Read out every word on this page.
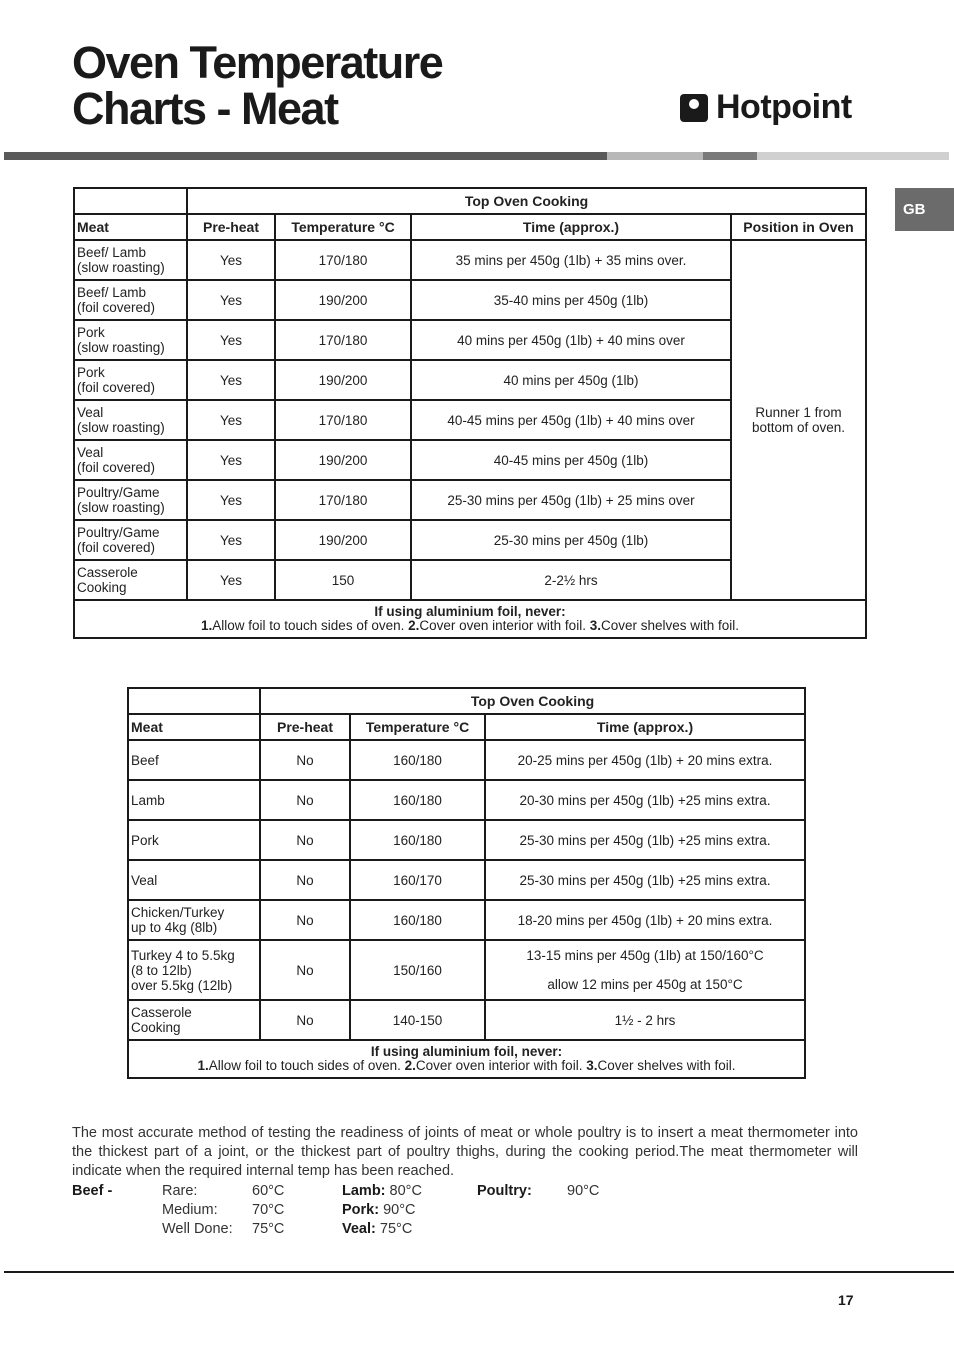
Oven Temperature
Charts - Meat	Hotpoint
GB
	Top Oven Cooking			
Meat	Pre-heat	Temperature °C	Time (approx.)	Position in Oven
Beef/ Lamb
(slow roasting)	Yes	170/180	35 mins per 450g (1lb) + 35 mins over.	Runner 1 from
bottom of oven.
Beef/ Lamb
(foil covered)	Yes	190/200	35-40 mins per 450g (1lb)	
Pork
(slow roasting)	Yes	170/180	40 mins per 450g (1lb) + 40 mins over	
Pork
(foil covered)	Yes	190/200	40 mins per 450g (1lb)	
Veal
(slow roasting)	Yes	170/180	40-45 mins per 450g (1lb) + 40 mins over	
Veal
(foil covered)	Yes	190/200	40-45 mins per 450g (1lb)	
Poultry/Game
(slow roasting)	Yes	170/180	25-30 mins per 450g (1lb) + 25 mins over	
Poultry/Game
(foil covered)	Yes	190/200	25-30 mins per 450g (1lb)	
Casserole
Cooking	Yes	150	2-2½ hrs	

If using aluminium foil, never:
1.Allow foil to touch sides of oven. 2.Cover oven interior with foil. 3.Cover shelves with foil.				
	Top Oven Cooking		
Meat	Pre-heat	Temperature °C	Time (approx.)
Beef	No	160/180	20-25 mins per 450g (1lb) + 20 mins extra.
Lamb	No	160/180	20-30 mins per 450g (1lb) +25 mins extra.
Pork	No	160/180	25-30 mins per 450g (1lb) +25 mins extra.
Veal	No	160/170	25-30 mins per 450g (1lb) +25 mins extra.
Chicken/Turkey
up to 4kg (8lb)	No	160/180	18-20 mins per 450g (1lb) + 20 mins extra.
Turkey 4 to 5.5kg
(8 to 12lb)
over 5.5kg (12lb)	No	150/160	13-15 mins per 450g (1lb) at 150/160°C
allow 12 mins per 450g at 150°C
Casserole
Cooking	No	140-150	1½ - 2 hrs

If using aluminium foil, never:
1.Allow foil to touch sides of oven. 2.Cover oven interior with foil. 3.Cover shelves with foil.			
The most accurate method of testing the readiness of joints of meat or whole poultry is to insert a meat thermometer into the thickest part of a joint, or the thickest part of poultry thighs, during the cooking period.The meat thermometer will indicate when the required internal temp has been reached.
Beef -	Rare:	60°C
Medium: 70°C
Well Done: 75°C
Lamb: 80°C
Pork: 90°C
Veal: 75°C
Poultry: 90°C
17
